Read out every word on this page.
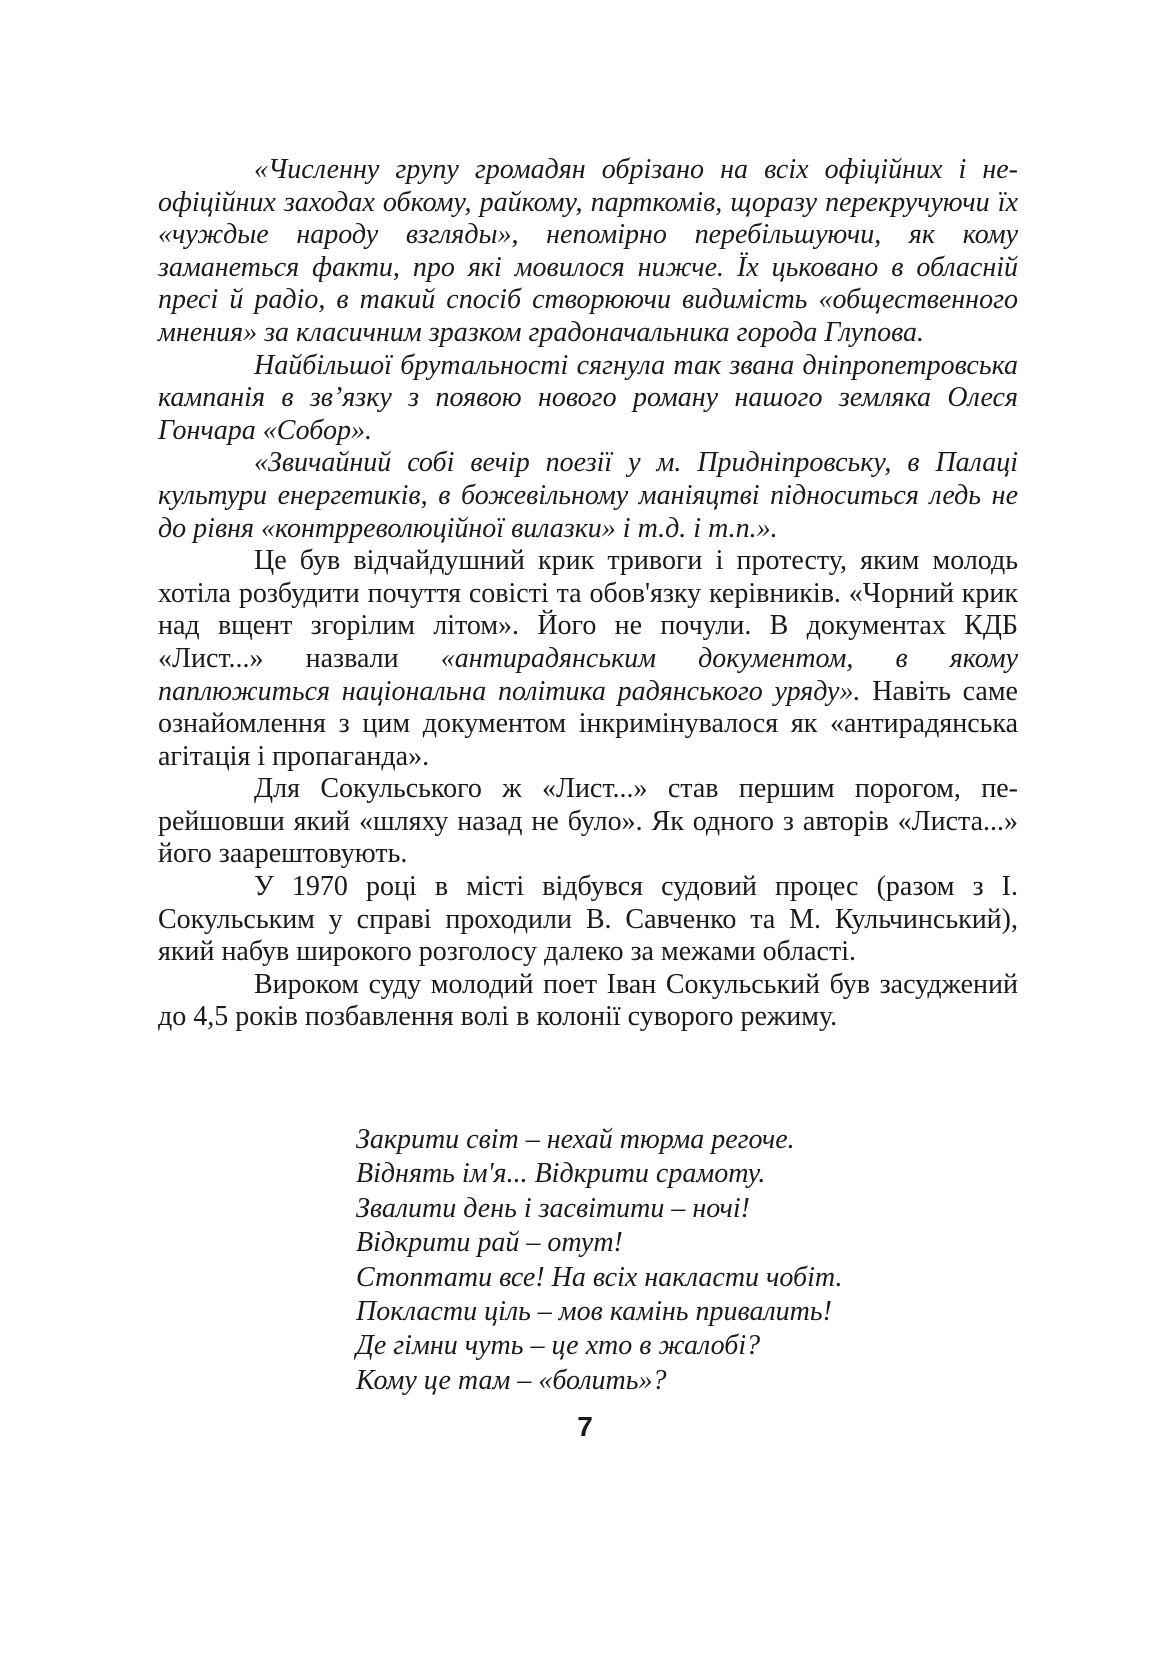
«Численну групу громадян обрізано на всіх офіційних і неофіційних заходах обкому, райкому, парткомів, щоразу перекручуючи їх «чуждые народу взгляды», непомірно перебільшуючи, як кому заманеться факти, про які мовилося нижче. Їх цьковано в обласній пресі й радіо, в такий спосіб створюючи видимість «общественного мнения» за класичним зразком градоначальника города Глупова.

Найбільшої брутальності сягнула так звана дніпропетровська кампанія в зв’язку з появою нового роману нашого земляка Олеся Гончара «Собор».

«Звичайний собі вечір поезії у м. Придніпровську, в Палаці культури енергетиків, в божевільному маніяцтві підноситься ледь не до рівня «контрреволюційної вилазки» і т.д. і т.п.».

Це був відчайдушний крик тривоги і протесту, яким молодь хотіла розбудити почуття совісті та обов'язку керівників. «Чорний крик над вщент згорілим літом». Його не почули. В документах КДБ «Лист...» назвали «антирадянським документом, в якому паплюжиться національна політика радянського уряду». Навіть саме ознайомлення з цим документом інкримінувалося як «антирадянська агітація і пропаганда».

Для Сокульського ж «Лист...» став першим порогом, перейшовши який «шляху назад не було». Як одного з авторів «Листа...» його заарештовують.

У 1970 році в місті відбувся судовий процес (разом з І. Сокульським у справі проходили В. Савченко та М. Кульчинський), який набув широкого розголосу далеко за межами області.

Вироком суду молодий поет Іван Сокульський був засуджений до 4,5 років позбавлення волі в колонії суворого режиму.

Закрити світ – нехай тюрма регоче.
Віднять ім'я... Відкрити срамоту.
Звалити день і засвітити – ночі!
Відкрити рай – отут!
Стоптати все! На всіх накласти чобіт.
Покласти ціль – мов камінь привалить!
Де гімни чуть – це хто в жалобі?
Кому це там – «болить»?
7
